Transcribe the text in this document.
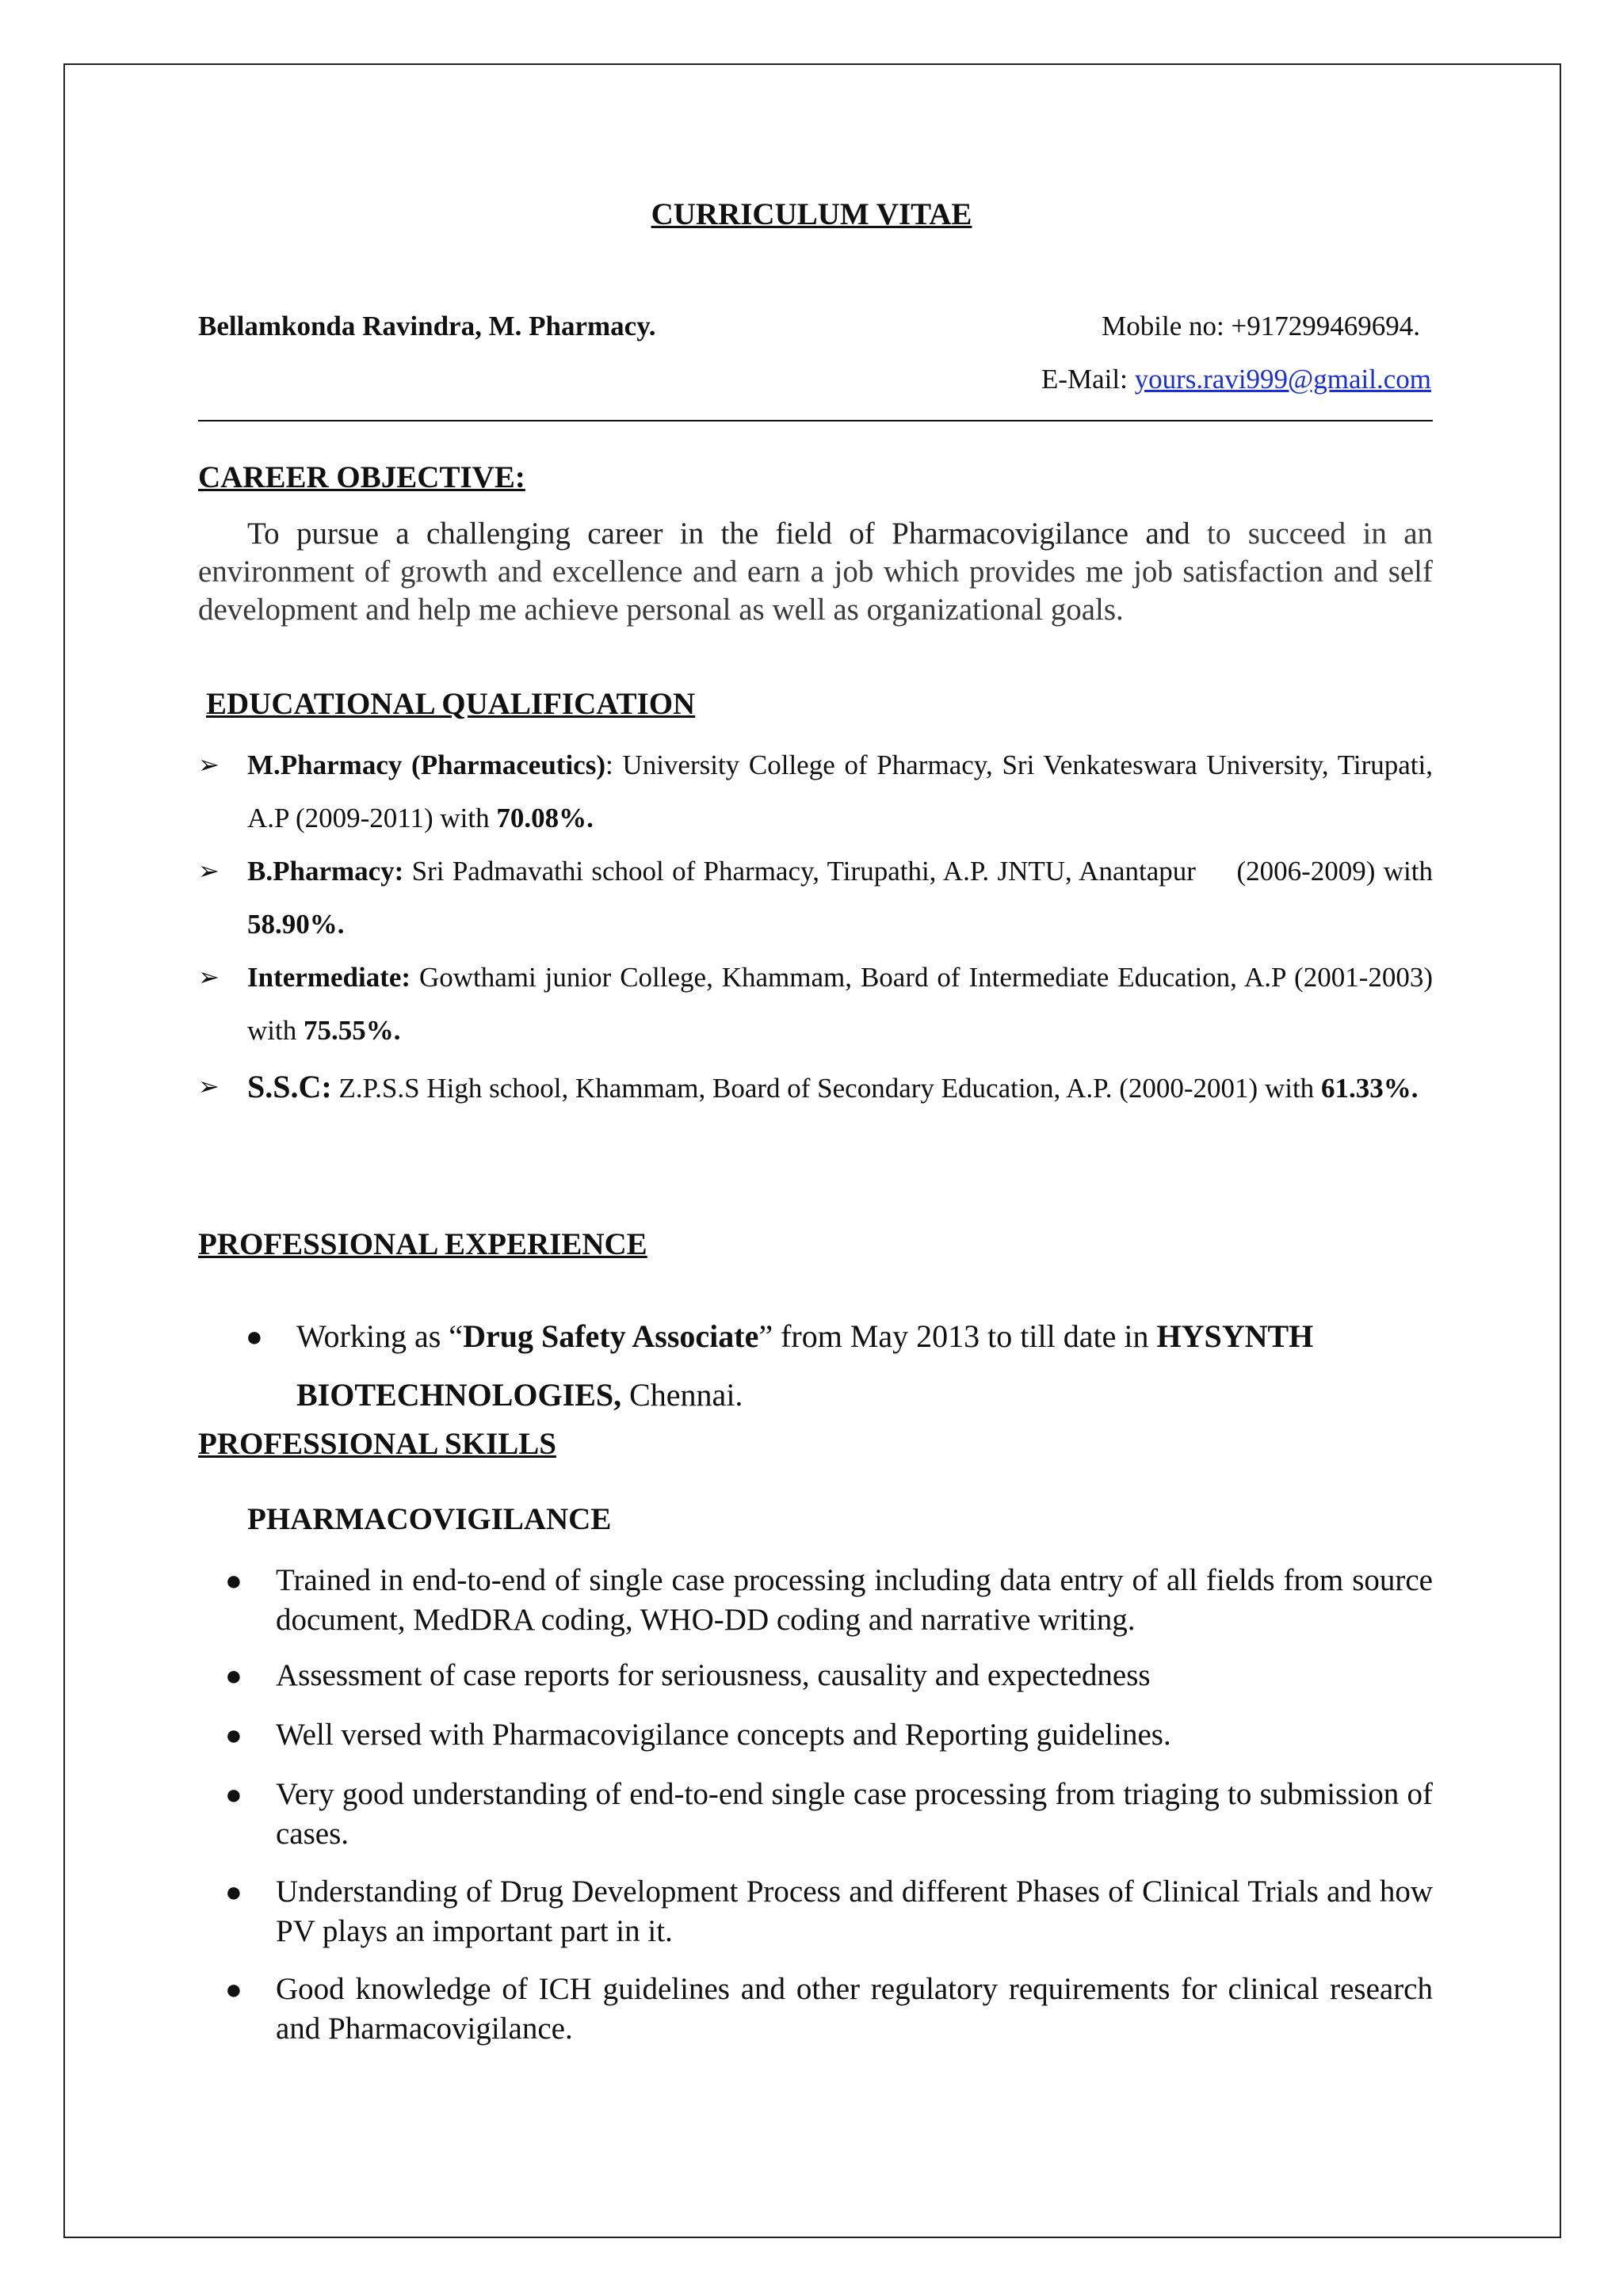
CURRICULUM VITAE
Bellamkonda Ravindra, M. Pharmacy.	Mobile no: +917299469694.
E-Mail: yours.ravi999@gmail.com
CAREER OBJECTIVE:
To pursue a challenging career in the field of Pharmacovigilance and to succeed in an environment of growth and excellence and earn a job which provides me job satisfaction and self development and help me achieve personal as well as organizational goals.
EDUCATIONAL QUALIFICATION
➢	M.Pharmacy (Pharmaceutics): University College of Pharmacy, Sri Venkateswara University, Tirupati, A.P (2009-2011) with 70.08%.
➢	B.Pharmacy: Sri Padmavathi school of Pharmacy, Tirupathi, A.P. JNTU, Anantapur     (2006-2009) with 58.90%.
➢	Intermediate: Gowthami junior College, Khammam, Board of Intermediate Education, A.P (2001-2003) with 75.55%.
➢ S.S.C: Z.P.S.S High school, Khammam, Board of Secondary Education, A.P. (2000-2001) with 61.33%.
PROFESSIONAL EXPERIENCE
● Working as “Drug Safety Associate” from May 2013 to till date in HYSYNTH BIOTECHNOLOGIES, Chennai.
PROFESSIONAL SKILLS
PHARMACOVIGILANCE
● Trained in end-to-end of single case processing including data entry of all fields from source document, MedDRA coding, WHO-DD coding and narrative writing.
● Assessment of case reports for seriousness, causality and expectedness
● Well versed with Pharmacovigilance concepts and Reporting guidelines.
● Very good understanding of end-to-end single case processing from triaging to submission of cases.
● Understanding of Drug Development Process and different Phases of Clinical Trials and how PV plays an important part in it.
● Good knowledge of ICH guidelines and other regulatory requirements for clinical research and Pharmacovigilance.
